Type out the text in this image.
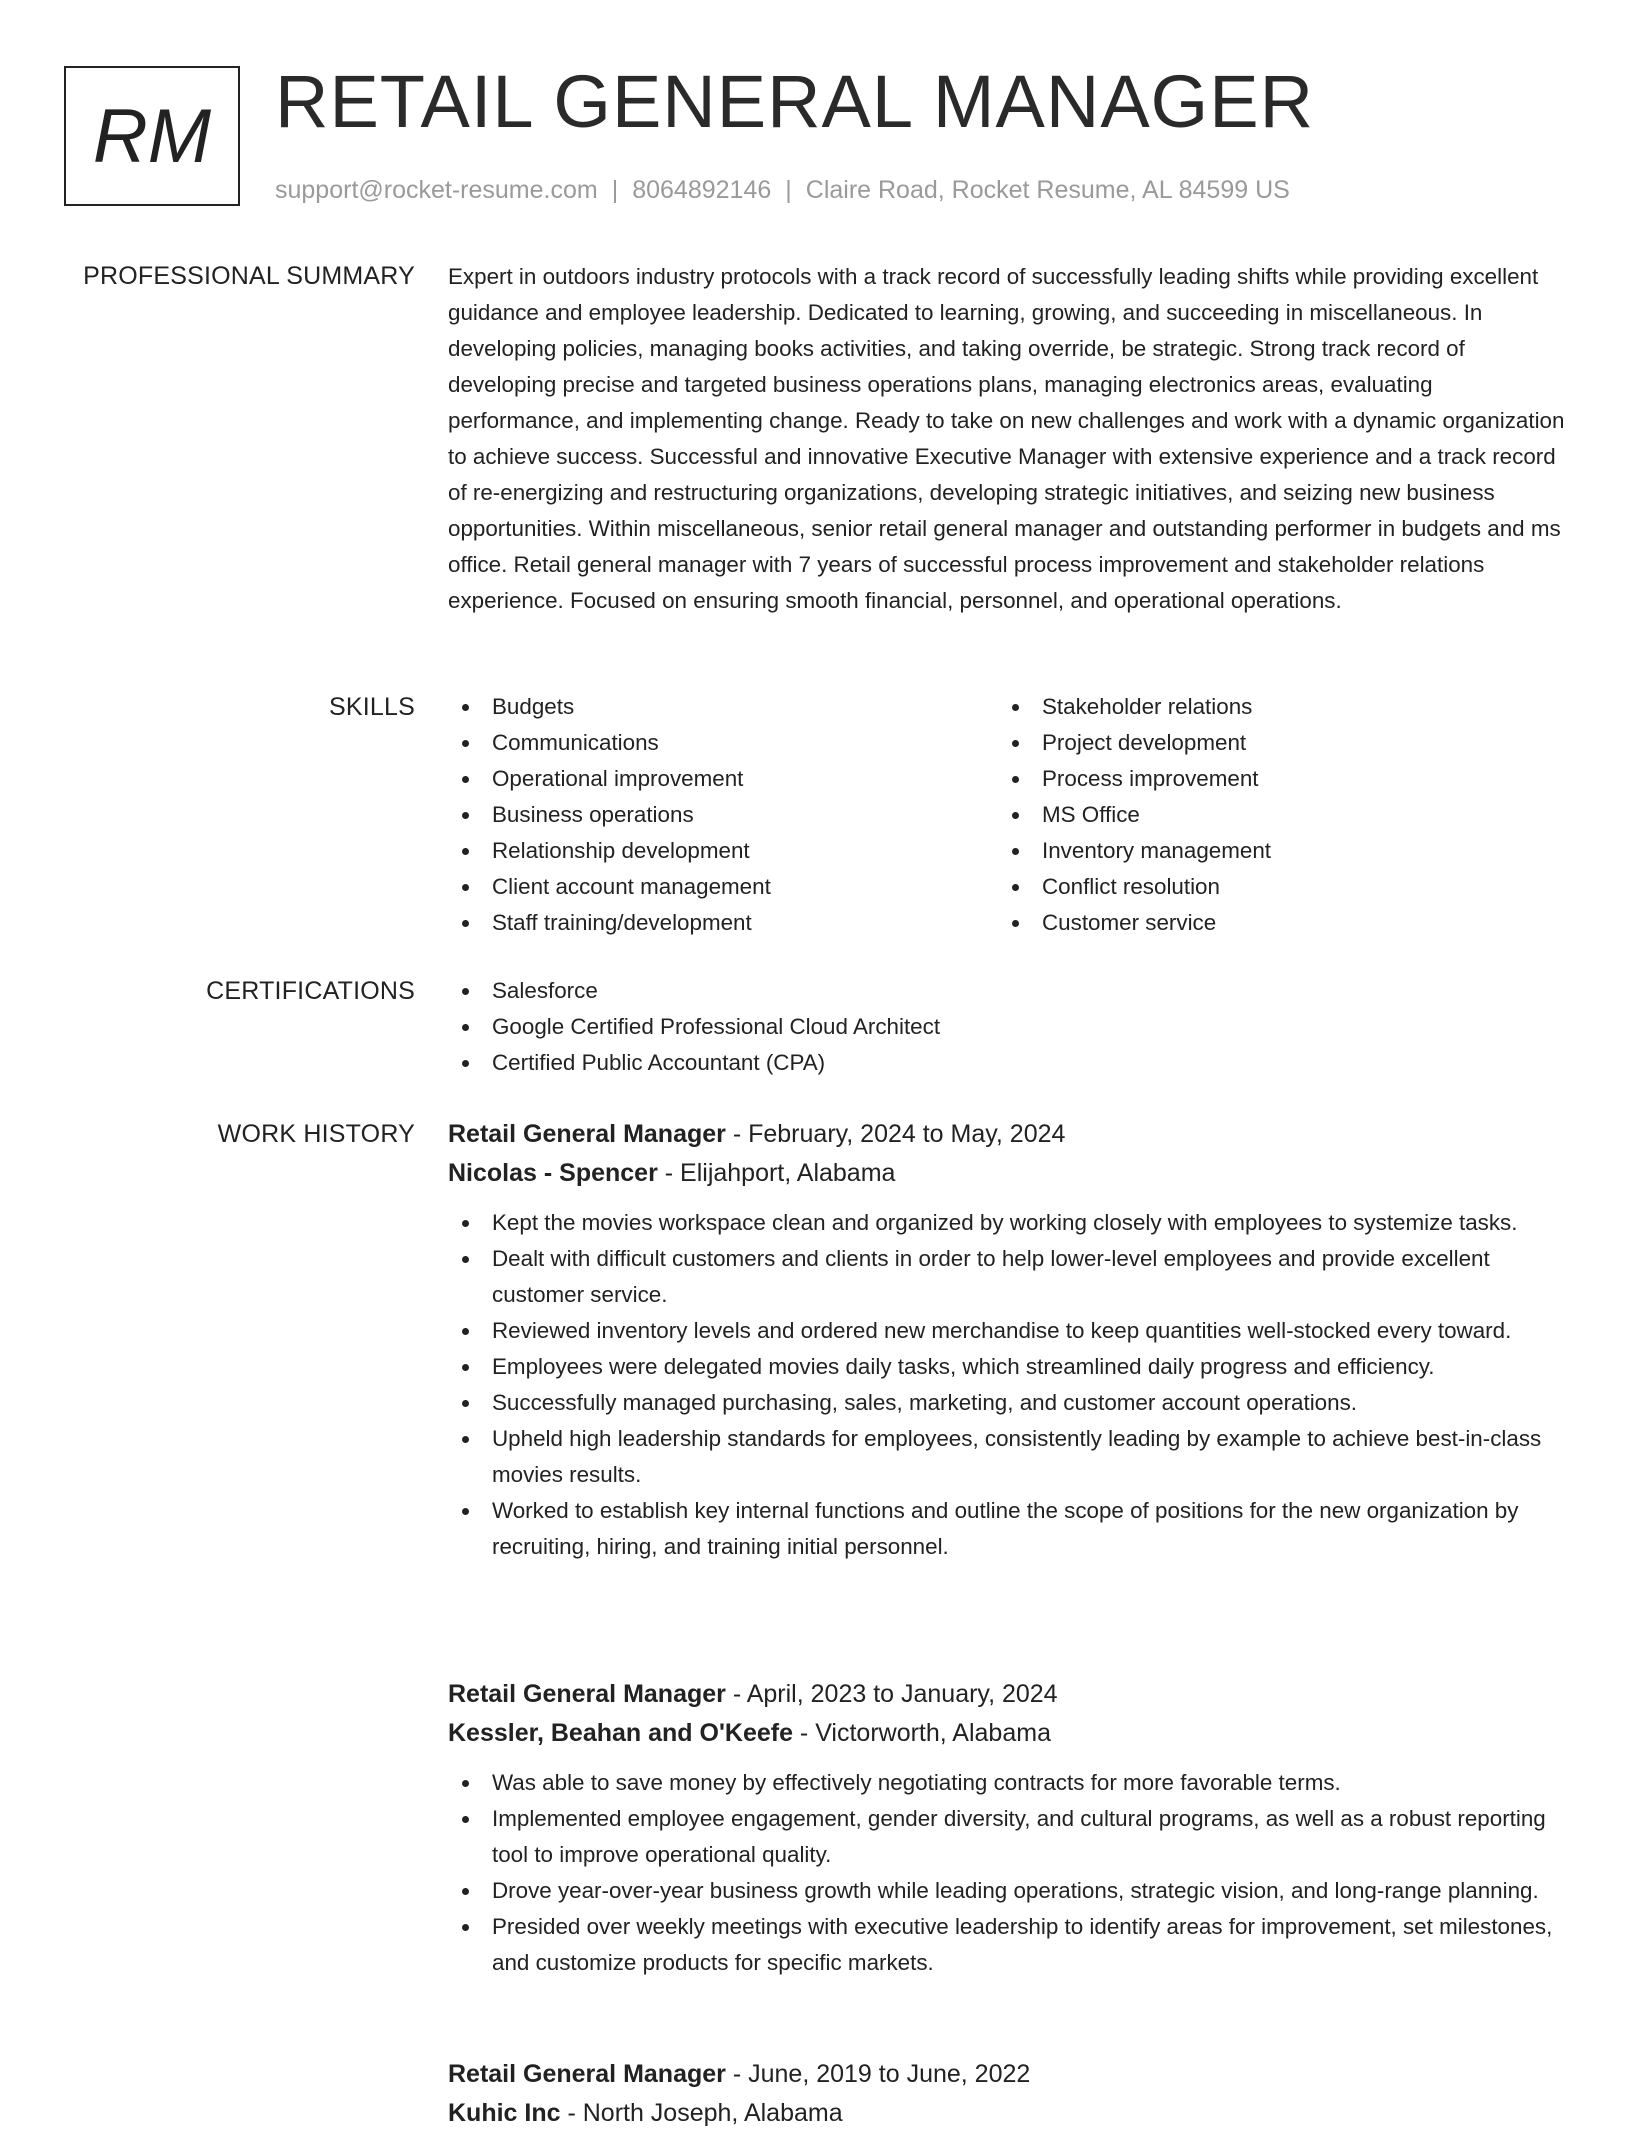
RM RETAIL GENERAL MANAGER
support@rocket-resume.com | 8064892146 | Claire Road, Rocket Resume, AL 84599 US
PROFESSIONAL SUMMARY Expert in outdoors industry protocols with a track record of successfully leading shifts while providing excellent guidance and employee leadership. Dedicated to learning, growing, and succeeding in miscellaneous. In developing policies, managing books activities, and taking override, be strategic. Strong track record of developing precise and targeted business operations plans, managing electronics areas, evaluating performance, and implementing change. Ready to take on new challenges and work with a dynamic organization to achieve success. Successful and innovative Executive Manager with extensive experience and a track record of re-energizing and restructuring organizations, developing strategic initiatives, and seizing new business opportunities. Within miscellaneous, senior retail general manager and outstanding performer in budgets and ms office. Retail general manager with 7 years of successful process improvement and stakeholder relations experience. Focused on ensuring smooth financial, personnel, and operational operations.

SKILLS	Budgets
Communications
Operational improvement
Business operations
Relationship development
Client account management
Staff training/development
Stakeholder relations
Project development
Process improvement
MS Office
Inventory management
Conflict resolution
Customer service
CERTIFICATIONS	Salesforce
Google Certified Professional Cloud Architect
Certified Public Accountant (CPA)
WORK HISTORY Retail General Manager - February, 2024 to May, 2024
Nicolas - Spencer - Elijahport, Alabama
Kept the movies workspace clean and organized by working closely with employees to systemize tasks.
Dealt with difficult customers and clients in order to help lower-level employees and provide excellent customer service.
Reviewed inventory levels and ordered new merchandise to keep quantities well-stocked every toward.
Employees were delegated movies daily tasks, which streamlined daily progress and efficiency.
Successfully managed purchasing, sales, marketing, and customer account operations.
Upheld high leadership standards for employees, consistently leading by example to achieve best-in-class movies results.
Worked to establish key internal functions and outline the scope of positions for the new organization by recruiting, hiring, and training initial personnel.
Retail General Manager - April, 2023 to January, 2024
Kessler, Beahan and O'Keefe - Victorworth, Alabama
Was able to save money by effectively negotiating contracts for more favorable terms.
Implemented employee engagement, gender diversity, and cultural programs, as well as a robust reporting tool to improve operational quality.
Drove year-over-year business growth while leading operations, strategic vision, and long-range planning.
Presided over weekly meetings with executive leadership to identify areas for improvement, set milestones, and customize products for specific markets.
Retail General Manager - June, 2019 to June, 2022
Kuhic Inc - North Joseph, Alabama
